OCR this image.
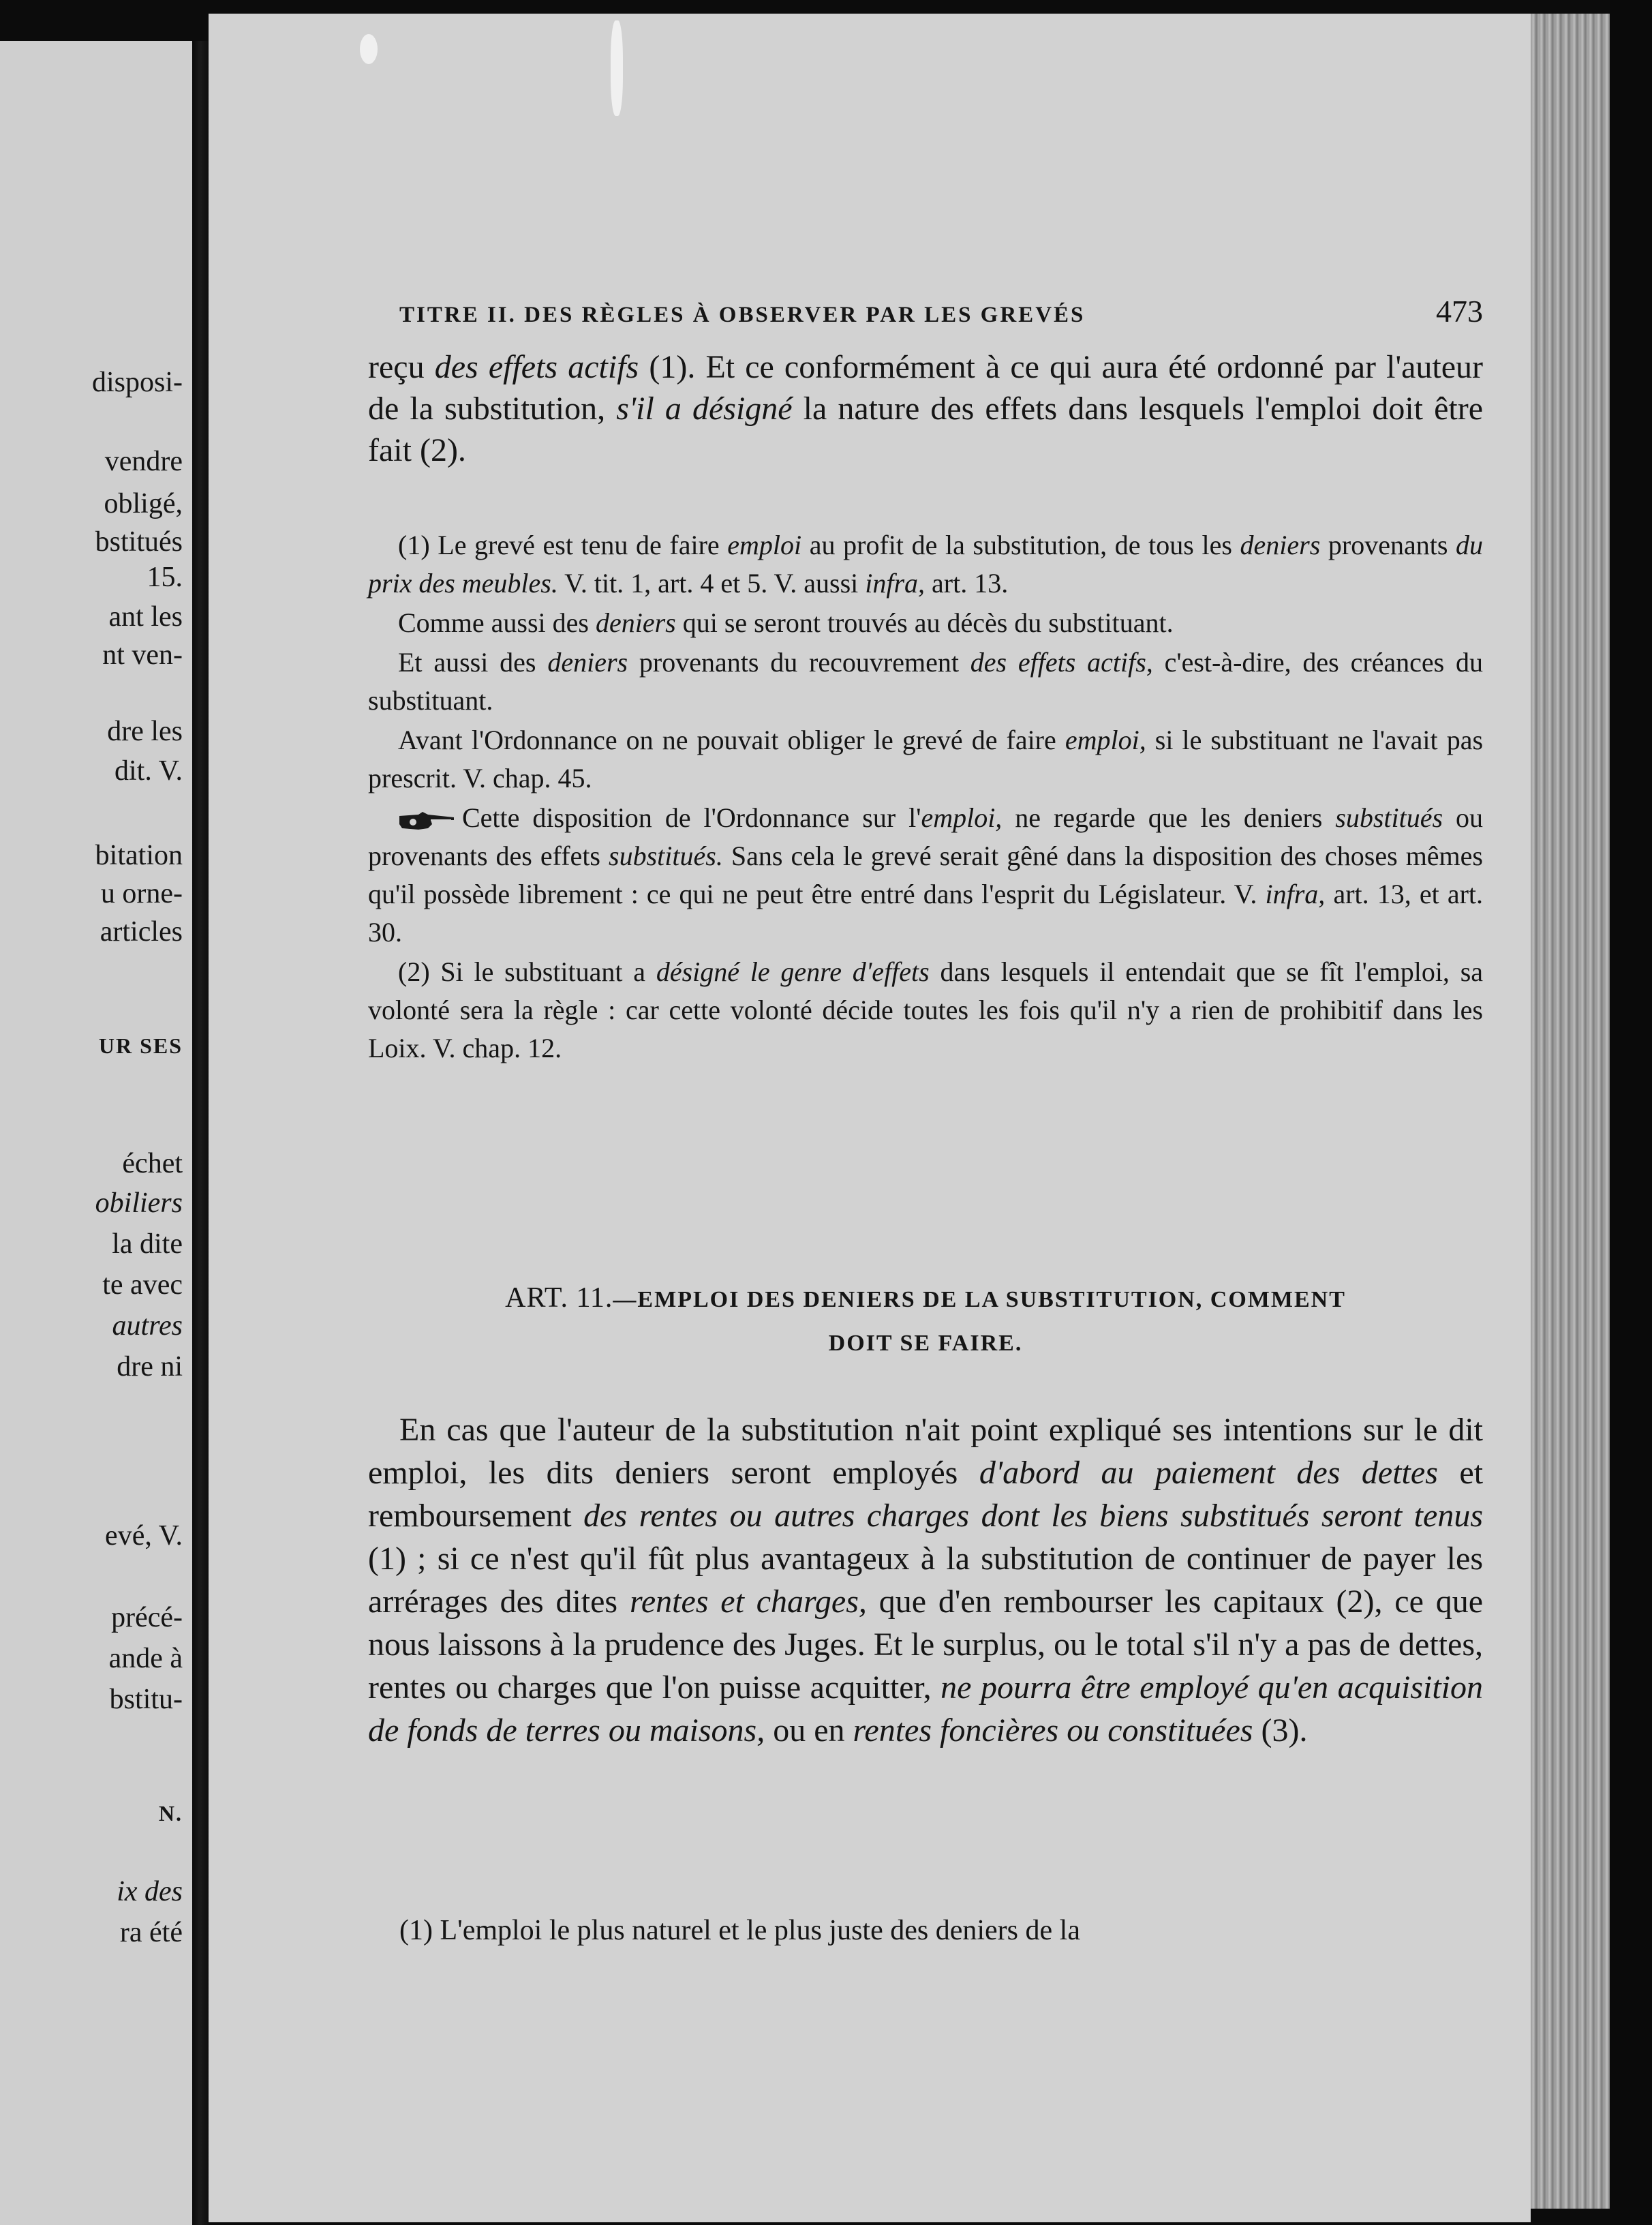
disposi-
vendre
obligé,
bstitués
15.
ant les
nt ven-
dre les
dit. V.
bitation
u orne-
articles
UR SES
échet
obiliers
la dite
te avec
autres
dre ni
evé, V.
précé-
ande à
bstitu-
N.
ix des
ra été
TITRE II. DES RÈGLES À OBSERVER PAR LES GREVÉS	473
reçu des effets actifs (1). Et ce conformément à ce qui aura été ordonné par l'auteur de la substitution, s'il a désigné la nature des effets dans lesquels l'emploi doit être fait (2).

(1) Le grevé est tenu de faire emploi au profit de la substitution, de tous les deniers provenants du prix des meubles. V. tit. 1, art. 4 et 5. V. aussi infra, art. 13.

Comme aussi des deniers qui se seront trouvés au décès du substituant.

Et aussi des deniers provenants du recouvrement des effets actifs, c'est-à-dire, des créances du substituant.

Avant l'Ordonnance on ne pouvait obliger le grevé de faire emploi, si le substituant ne l'avait pas prescrit. V. chap. 45.

Cette disposition de l'Ordonnance sur l'emploi, ne regarde que les deniers substitués ou provenants des effets substitués. Sans cela le grevé serait gêné dans la disposition des choses mêmes qu'il possède librement : ce qui ne peut être entré dans l'esprit du Législateur. V. infra, art. 13, et art. 30.

(2) Si le substituant a désigné le genre d'effets dans lesquels il entendait que se fît l'emploi, sa volonté sera la règle : car cette volonté décide toutes les fois qu'il n'y a rien de prohibitif dans les Loix. V. chap. 12.

ART. 11.—EMPLOI DES DENIERS DE LA SUBSTITUTION, COMMENT
DOIT SE FAIRE.
En cas que l'auteur de la substitution n'ait point expliqué ses intentions sur le dit emploi, les dits deniers seront employés d'abord au paiement des dettes et remboursement des rentes ou autres charges dont les biens substitués seront tenus (1) ; si ce n'est qu'il fût plus avantageux à la substitution de continuer de payer les arrérages des dites rentes et charges, que d'en rembourser les capitaux (2), ce que nous laissons à la prudence des Juges. Et le surplus, ou le total s'il n'y a pas de dettes, rentes ou charges que l'on puisse acquitter, ne pourra être employé qu'en acquisition de fonds de terres ou maisons, ou en rentes foncières ou constituées (3).
(1) L'emploi le plus naturel et le plus juste des deniers de la
